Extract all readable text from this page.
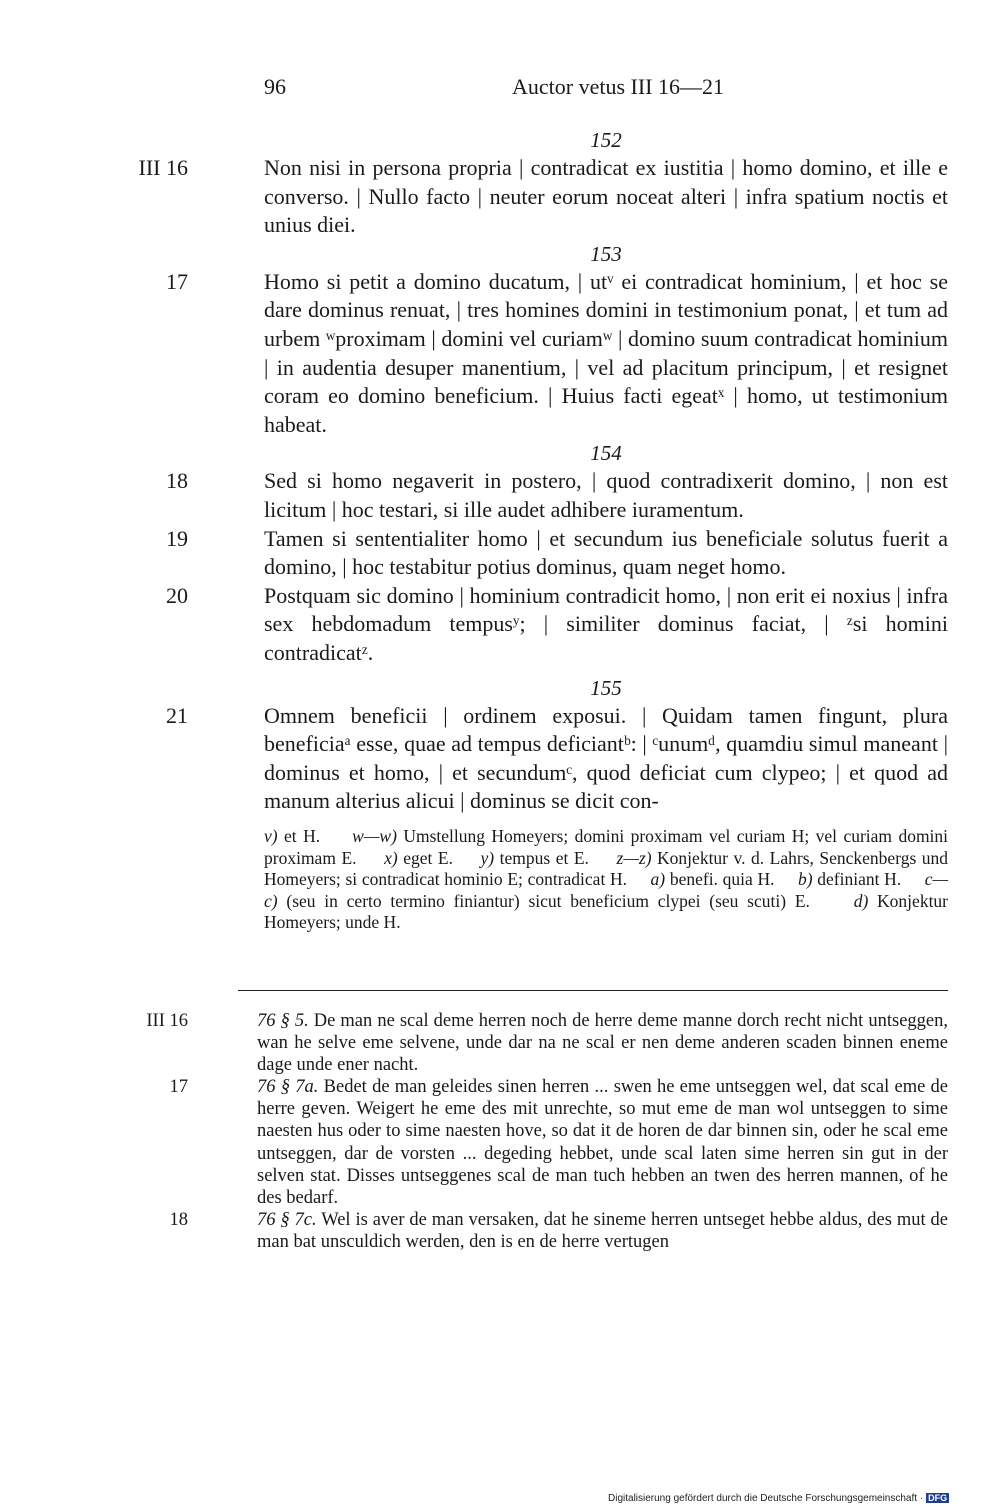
96	Auctor vetus III 16—21
152
III 16	Non nisi in persona propria | contradicat ex iustitia | homo domino, et ille e converso. | Nullo facto | neuter eorum noceat alteri | infra spatium noctis et unius diei.
153
17	Homo si petit a domino ducatum, | utᵛ ei contradicat hominium, | et hoc se dare dominus renuat, | tres homines domini in testimonium ponat, | et tum ad urbem ʷproximam | domini vel curiamʷ | domino suum contradicat hominium | in audentia desuper manentium, | vel ad placitum principum, | et resignet coram eo domino beneficium. | Huius facti egeatˣ | homo, ut testimonium habeat.
154
18	Sed si homo negaverit in postero, | quod contradixerit domino, | non est licitum | hoc testari, si ille audet adhibere iuramentum.
19	Tamen si sententialiter homo | et secundum ius beneficiale solutus fuerit a domino, | hoc testabitur potius dominus, quam neget homo.
20	Postquam sic domino | hominium contradicit homo, | non erit ei noxius | infra sex hebdomadum tempusʸ; | similiter dominus faciat, | ᶻsi homini contradicatᶻ.
155
21	Omnem beneficii | ordinem exposui. | Quidam tamen fingunt, plura beneficiaᵃ esse, quae ad tempus deficiantᵇ: | ᶜunumᵈ, quamdiu simul maneant | dominus et homo, | et secundumᶜ, quod deficiat cum clypeo; | et quod ad manum alterius alicui | dominus se dicit con-
v) et H. w—w) Umstellung Homeyers; domini proximam vel curiam H; vel curiam domini proximam E. x) eget E. y) tempus et E. z—z) Konjektur v. d. Lahrs, Senckenbergs und Homeyers; si contradicat hominio E; contradicat H. a) benefi. quia H. b) definiant H. c—c) (seu in certo termino finiantur) sicut beneficium clypei (seu scuti) E.	d) Konjektur Homeyers; unde H.
III 16	76 § 5. De man ne scal deme herren noch de herre deme manne dorch recht nicht untseggen, wan he selve eme selvene, unde dar na ne scal er nen deme anderen scaden binnen eneme dage unde ener nacht.
17	76 § 7a. Bedet de man geleides sinen herren ... swen he eme untseggen wel, dat scal eme de herre geven. Weigert he eme des mit unrechte, so mut eme de man wol untseggen to sime naesten hus oder to sime naesten hove, so dat it de horen de dar binnen sin, oder he scal eme untseggen, dar de vorsten ... degeding hebbet, unde scal laten sime herren sin gut in der selven stat. Disses untseggenes scal de man tuch hebben an twen des herren mannen, of he des bedarf.
18	76 § 7c. Wel is aver de man versaken, dat he sineme herren untseget hebbe aldus, des mut de man bat unsculdich werden, den is en de herre vertugen
Digitalisierung gefördert durch die Deutsche Forschungsgemeinschaft · DFG
